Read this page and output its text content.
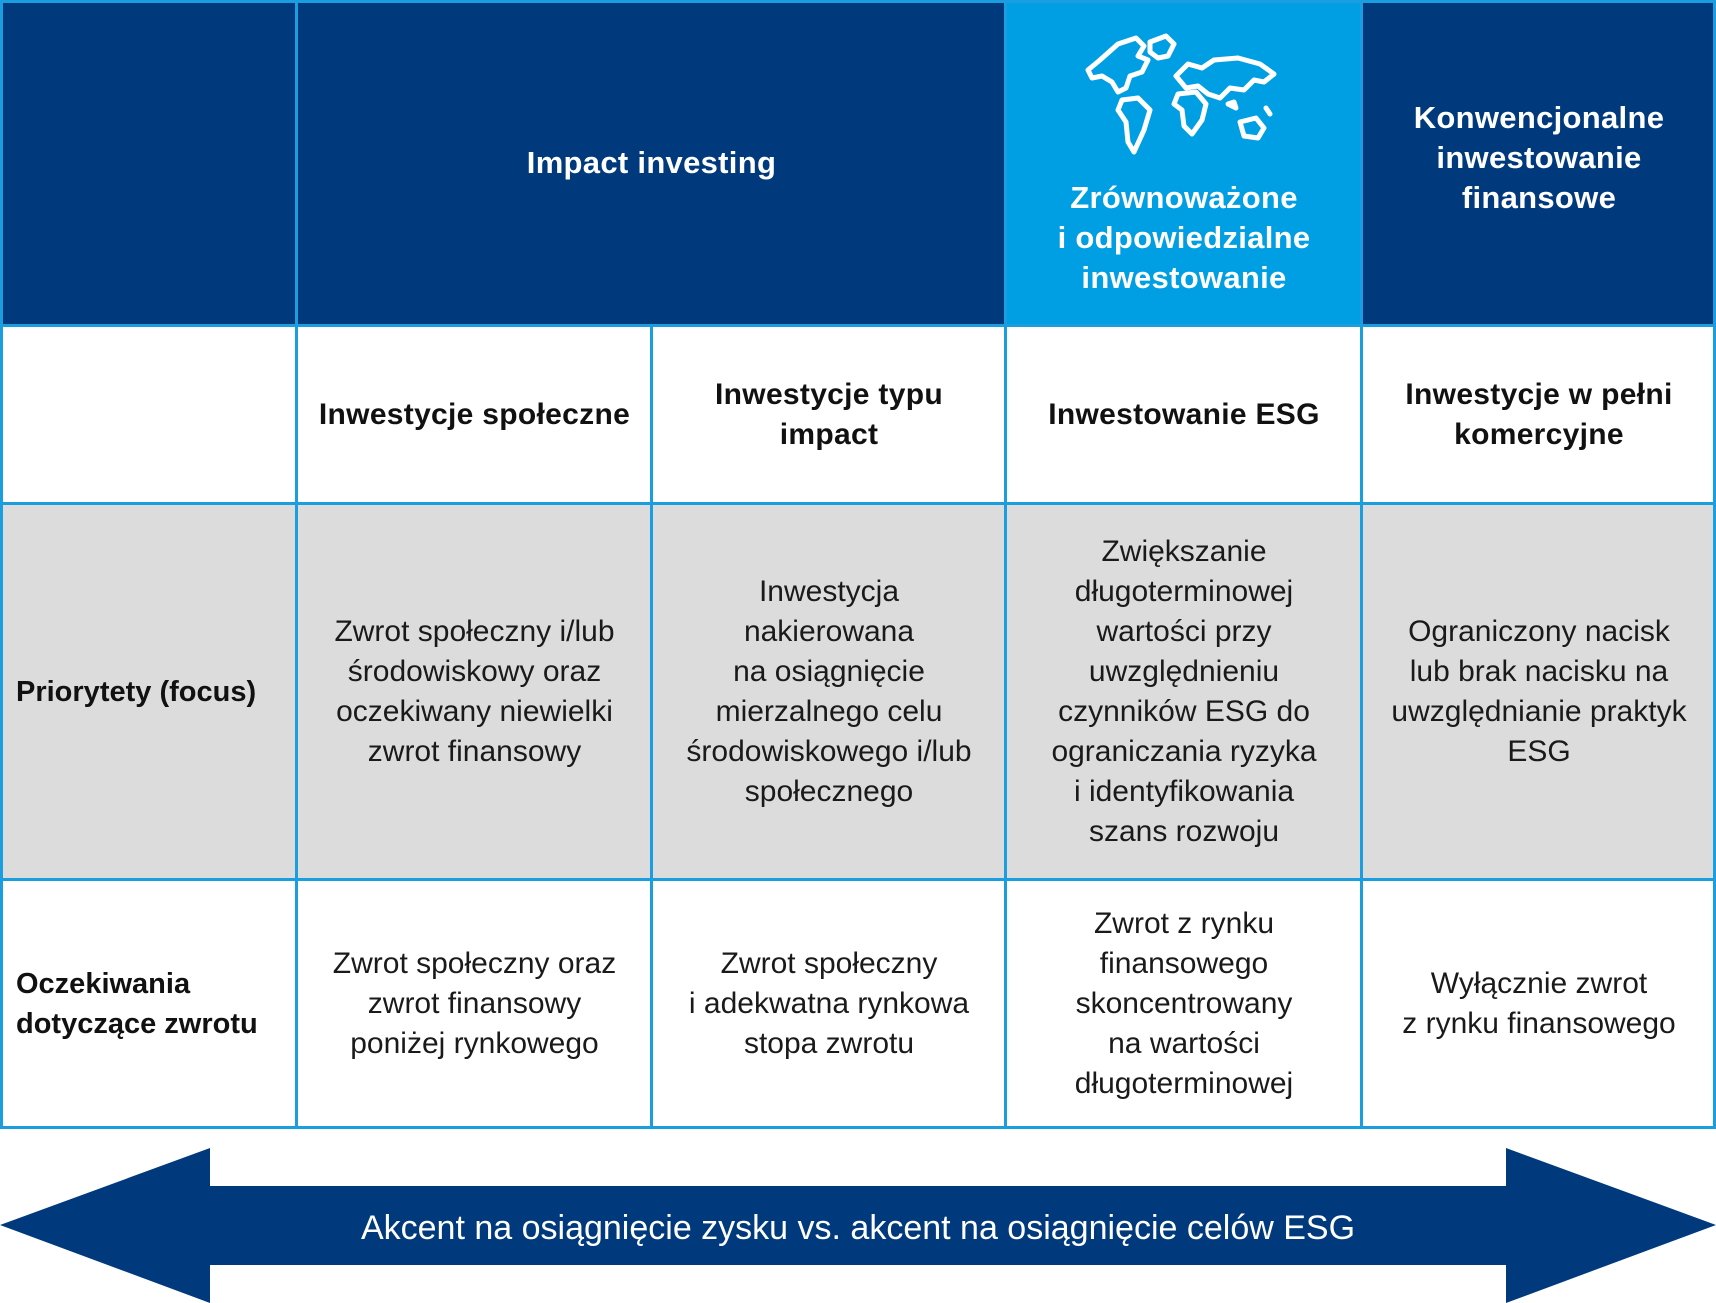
Impact investing
Konwencjonalne
inwestowanie
finansowe
Zrównoważone
i odpowiedzialne
inwestowanie
Inwestycje społeczne
Inwestycje typu
impact
Inwestowanie ESG
Inwestycje w pełni
komercyjne
Priorytety (focus)
Zwrot społeczny i/lub
środowiskowy oraz
oczekiwany niewielki
zwrot finansowy
Inwestycja
nakierowana
na osiągnięcie
mierzalnego celu
środowiskowego i/lub
społecznego
Zwiększanie
długoterminowej
wartości przy
uwzględnieniu
czynników ESG do
ograniczania ryzyka
i identyfikowania
szans rozwoju
Ograniczony nacisk
lub brak nacisku na
uwzględnianie praktyk
ESG
Oczekiwania
dotyczące zwrotu
Zwrot społeczny oraz
zwrot finansowy
poniżej rynkowego
Zwrot społeczny
i adekwatna rynkowa
stopa zwrotu
Zwrot z rynku
finansowego
skoncentrowany
na wartości
długoterminowej
Wyłącznie zwrot
z rynku finansowego
Akcent na osiągnięcie zysku vs. akcent na osiągnięcie celów ESG
